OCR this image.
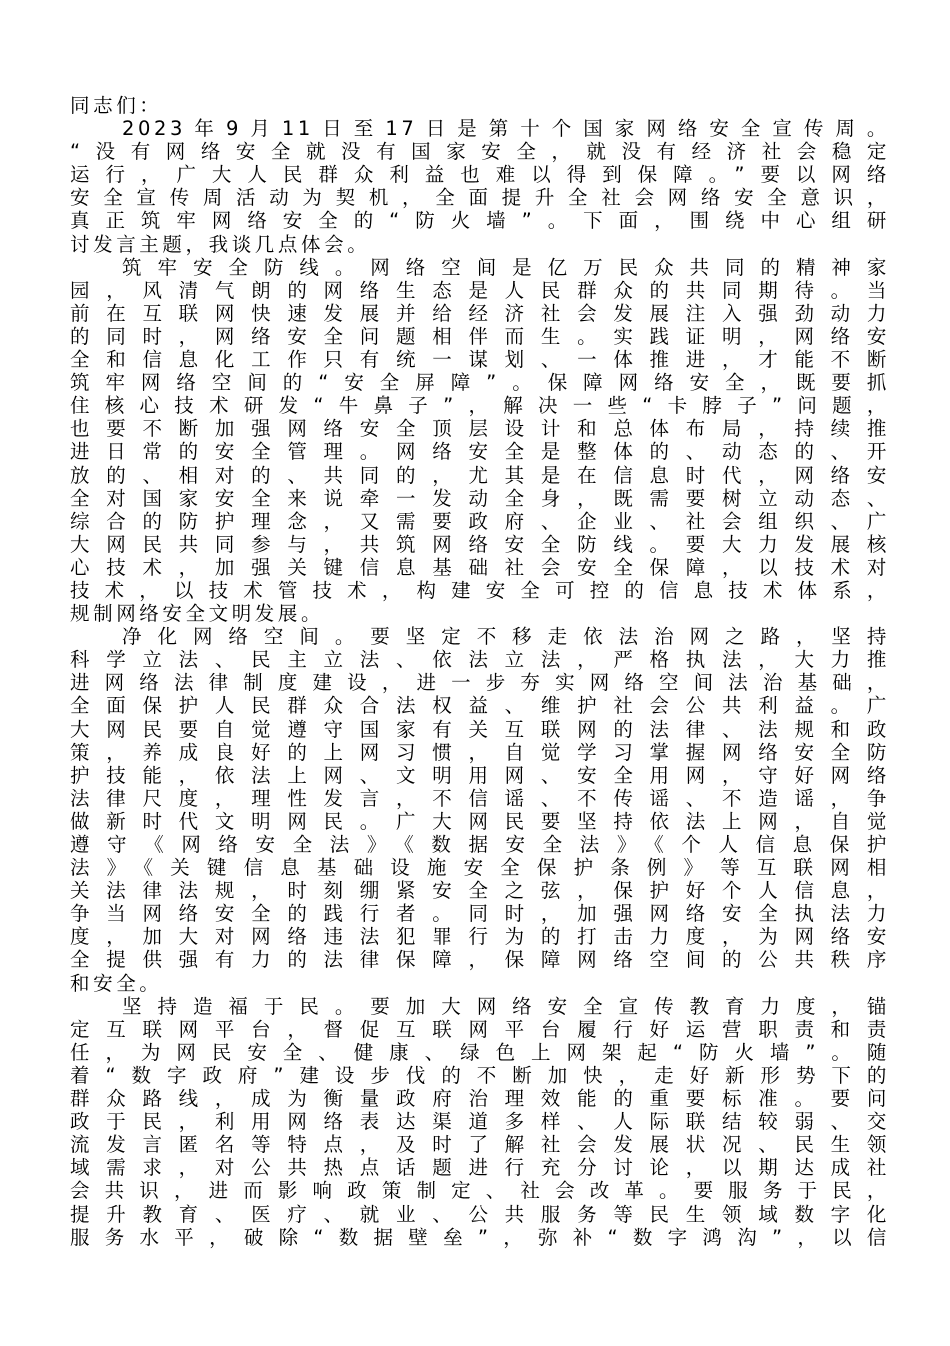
同志们：
2023年9月11日至17日是第十个国家网络安全宣传周。
“没有网络安全就没有国家安全，就没有经济社会稳定
运行，广大人民群众利益也难以得到保障。”要以网络
安全宣传周活动为契机，全面提升全社会网络安全意识，
真正筑牢网络安全的“防火墙”。下面，围绕中心组研
讨发言主题，我谈几点体会。
筑牢安全防线。网络空间是亿万民众共同的精神家
园，风清气朗的网络生态是人民群众的共同期待。当
前在互联网快速发展并给经济社会发展注入强劲动力
的同时，网络安全问题相伴而生。实践证明，网络安
全和信息化工作只有统一谋划、一体推进，才能不断
筑牢网络空间的“安全屏障”。保障网络安全，既要抓
住核心技术研发“牛鼻子”，解决一些“卡脖子”问题，
也要不断加强网络安全顶层设计和总体布局，持续推
进日常的安全管理。网络安全是整体的、动态的、开
放的、相对的、共同的，尤其是在信息时代，网络安
全对国家安全来说牵一发动全身，既需要树立动态、
综合的防护理念，又需要政府、企业、社会组织、广
大网民共同参与，共筑网络安全防线。要大力发展核
心技术，加强关键信息基础社会安全保障，以技术对
技术，以技术管技术，构建安全可控的信息技术体系，
规制网络安全文明发展。
净化网络空间。要坚定不移走依法治网之路，坚持
科学立法、民主立法、依法立法，严格执法，大力推
进网络法律制度建设，进一步夯实网络空间法治基础，
全面保护人民群众合法权益、维护社会公共利益。广
大网民要自觉遵守国家有关互联网的法律、法规和政
策，养成良好的上网习惯，自觉学习掌握网络安全防
护技能，依法上网、文明用网、安全用网，守好网络
法律尺度，理性发言，不信谣、不传谣、不造谣，争
做新时代文明网民。广大网民要坚持依法上网，自觉
遵守《网络安全法》《数据安全法》《个人信息保护
法》《关键信息基础设施安全保护条例》等互联网相
关法律法规，时刻绷紧安全之弦，保护好个人信息，
争当网络安全的践行者。同时，加强网络安全执法力
度，加大对网络违法犯罪行为的打击力度，为网络安
全提供强有力的法律保障，保障网络空间的公共秩序
和安全。
坚持造福于民。要加大网络安全宣传教育力度，锚
定互联网平台，督促互联网平台履行好运营职责和责
任，为网民安全、健康、绿色上网架起“防火墙”。随
着“数字政府”建设步伐的不断加快，走好新形势下的
群众路线，成为衡量政府治理效能的重要标准。要问
政于民，利用网络表达渠道多样、人际联结较弱、交
流发言匿名等特点，及时了解社会发展状况、民生领
域需求，对公共热点话题进行充分讨论，以期达成社
会共识，进而影响政策制定、社会改革。要服务于民，
提升教育、医疗、就业、公共服务等民生领域数字化
服务水平，破除“数据壁垒”，弥补“数字鸿沟”，以信
